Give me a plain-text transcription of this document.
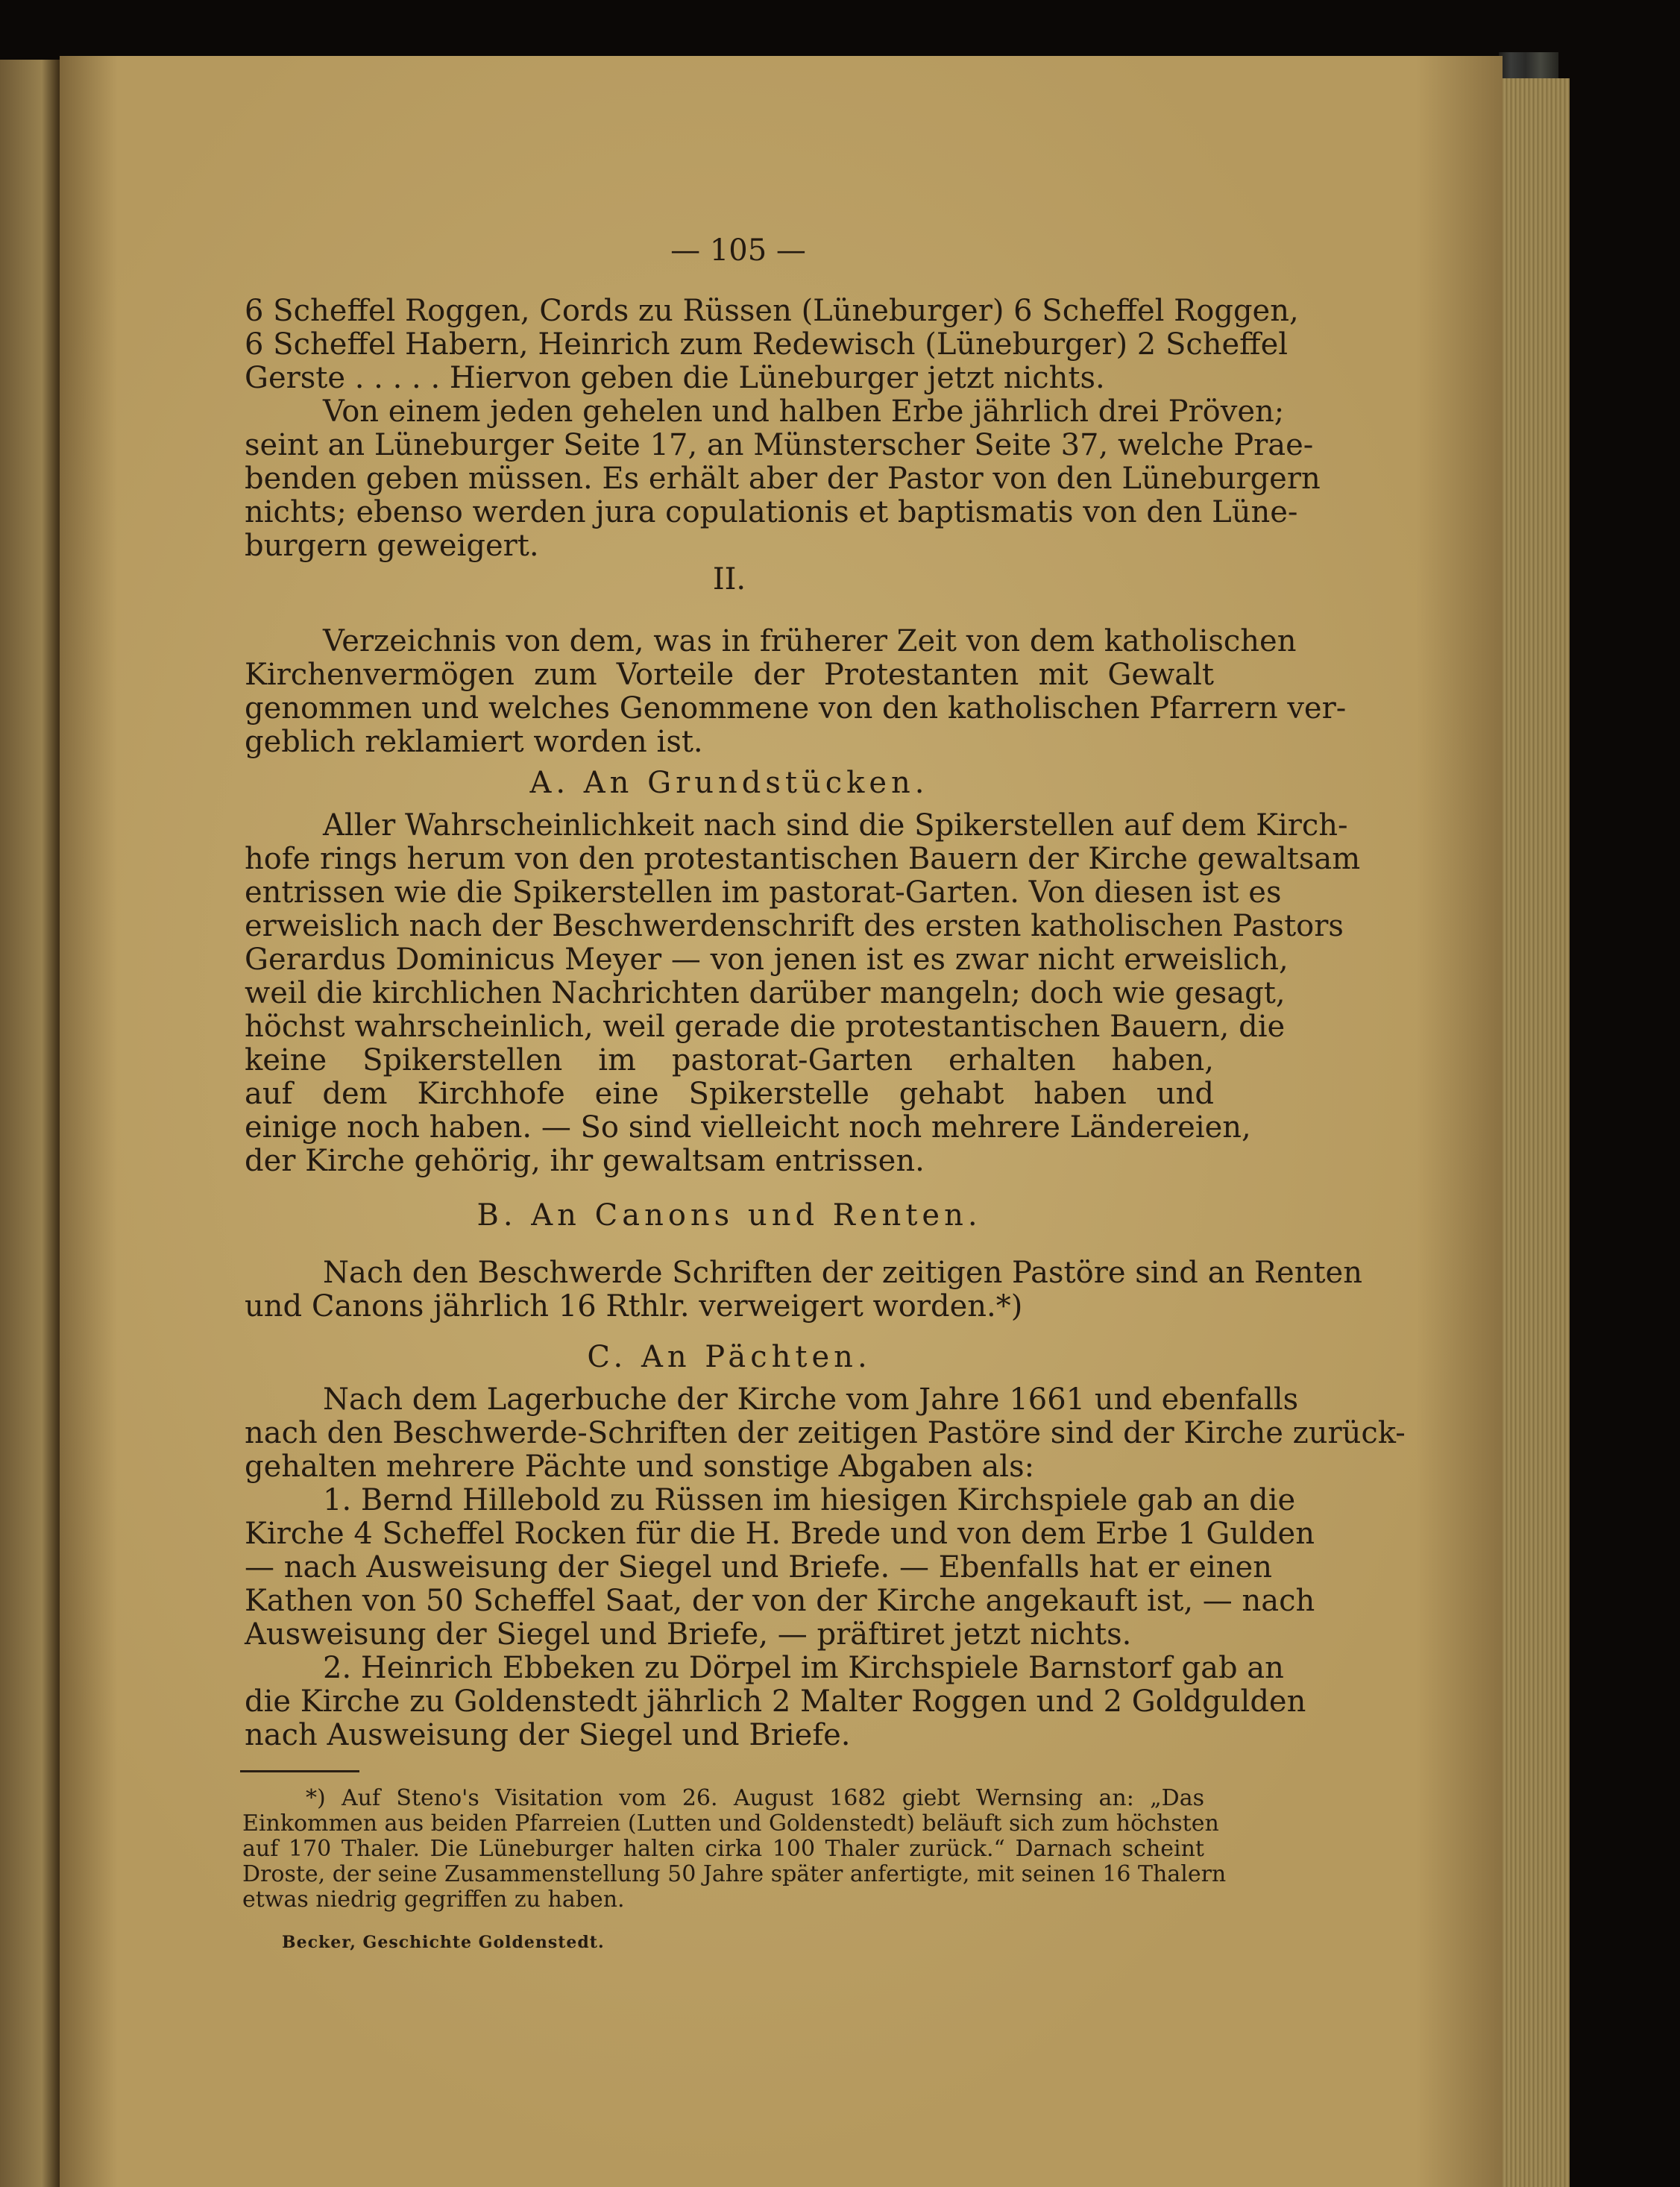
— 105 —
6 Scheffel Roggen, Cords zu Rüssen (Lüneburger) 6 Scheffel Roggen,
6 Scheffel Habern, Heinrich zum Redewisch (Lüneburger) 2 Scheffel
Gerste . . . . . Hiervon geben die Lüneburger jetzt nichts.
Von einem jeden gehelen und halben Erbe jährlich drei Pröven;
seint an Lüneburger Seite 17, an Münsterscher Seite 37, welche Prae-
benden geben müssen. Es erhält aber der Pastor von den Lüneburgern
nichts; ebenso werden jura copulationis et baptismatis von den Lüne-
burgern geweigert.
II.
Verzeichnis von dem, was in früherer Zeit von dem katholischen
Kirchenvermögen zum Vorteile der Protestanten mit Gewalt
genommen und welches Genommene von den katholischen Pfarrern ver-
geblich reklamiert worden ist.
A. An Grundstücken.
Aller Wahrscheinlichkeit nach sind die Spikerstellen auf dem Kirch-
hofe rings herum von den protestantischen Bauern der Kirche gewaltsam
entrissen wie die Spikerstellen im pastorat-Garten. Von diesen ist es
erweislich nach der Beschwerdenschrift des ersten katholischen Pastors
Gerardus Dominicus Meyer — von jenen ist es zwar nicht erweislich,
weil die kirchlichen Nachrichten darüber mangeln; doch wie gesagt,
höchst wahrscheinlich, weil gerade die protestantischen Bauern, die
keine Spikerstellen im pastorat-Garten erhalten haben,
auf dem Kirchhofe eine Spikerstelle gehabt haben und
einige noch haben. — So sind vielleicht noch mehrere Ländereien,
der Kirche gehörig, ihr gewaltsam entrissen.
B. An Canons und Renten.
Nach den Beschwerde Schriften der zeitigen Pastöre sind an Renten
und Canons jährlich 16 Rthlr. verweigert worden.*)
C. An Pächten.
Nach dem Lagerbuche der Kirche vom Jahre 1661 und ebenfalls
nach den Beschwerde-Schriften der zeitigen Pastöre sind der Kirche zurück-
gehalten mehrere Pächte und sonstige Abgaben als:
1. Bernd Hillebold zu Rüssen im hiesigen Kirchspiele gab an die
Kirche 4 Scheffel Rocken für die H. Brede und von dem Erbe 1 Gulden
— nach Ausweisung der Siegel und Briefe. — Ebenfalls hat er einen
Kathen von 50 Scheffel Saat, der von der Kirche angekauft ist, — nach
Ausweisung der Siegel und Briefe, — präftiret jetzt nichts.
2. Heinrich Ebbeken zu Dörpel im Kirchspiele Barnstorf gab an
die Kirche zu Goldenstedt jährlich 2 Malter Roggen und 2 Goldgulden
nach Ausweisung der Siegel und Briefe.
*) Auf Steno's Visitation vom 26. August 1682 giebt Wernsing an: „Das
Einkommen aus beiden Pfarreien (Lutten und Goldenstedt) beläuft sich zum höchsten
auf 170 Thaler. Die Lüneburger halten cirka 100 Thaler zurück.“ Darnach scheint
Droste, der seine Zusammenstellung 50 Jahre später anfertigte, mit seinen 16 Thalern
etwas niedrig gegriffen zu haben.
Becker, Geschichte Goldenstedt.
